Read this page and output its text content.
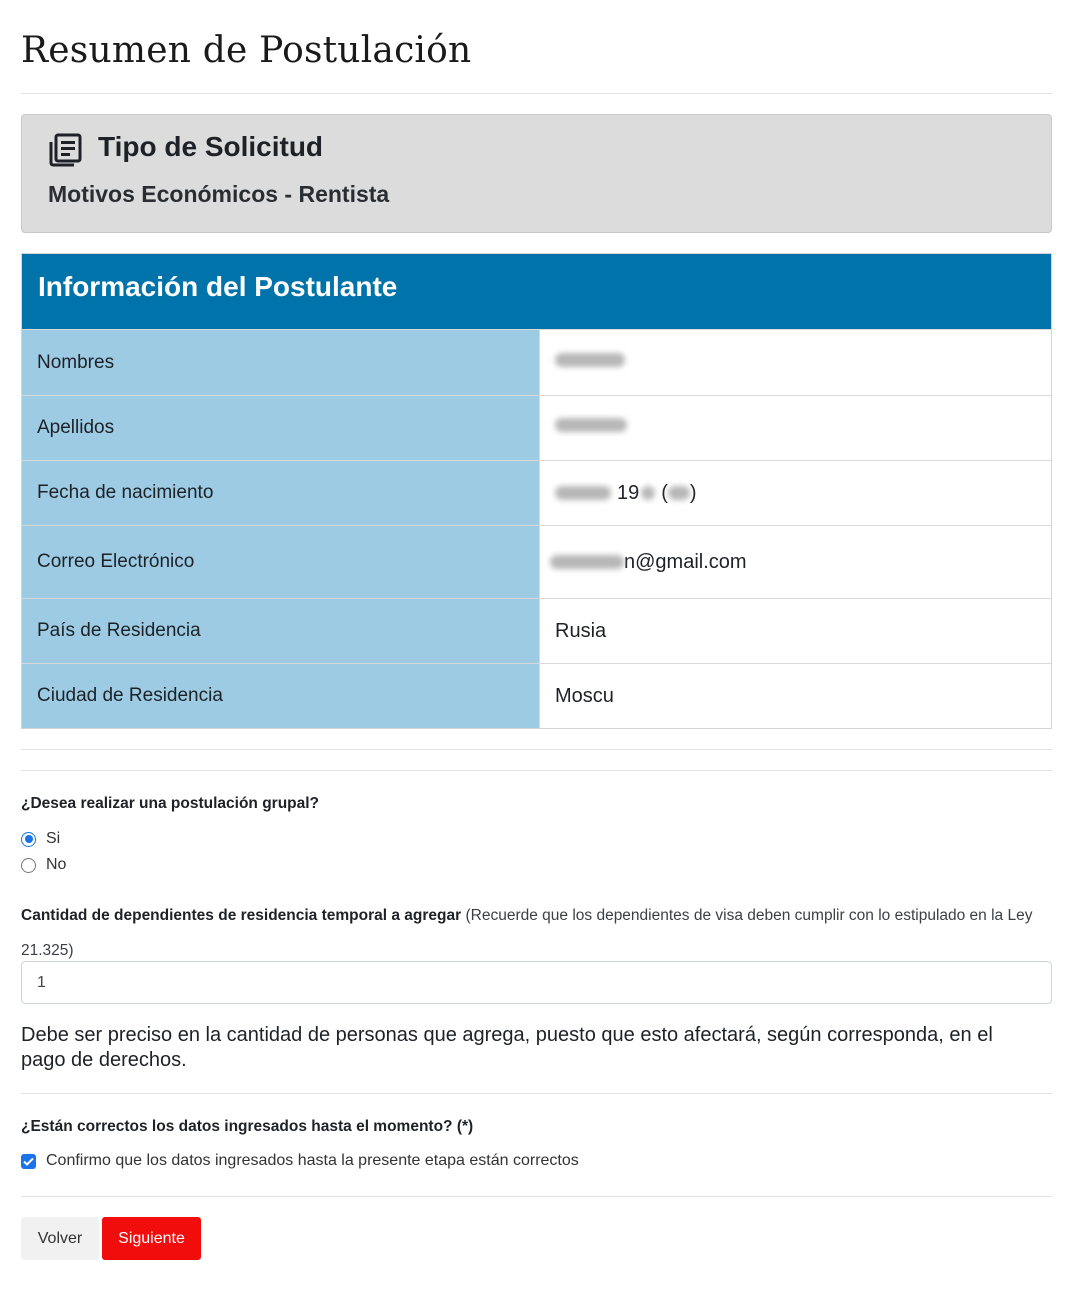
Resumen de Postulación
Tipo de Solicitud
Motivos Económicos - Rentista
Información del Postulante
Nombres
Apellidos
Fecha de nacimiento	19 ( )
Correo Electrónico	n@gmail.com
País de Residencia	Rusia
Ciudad de Residencia	Moscu
¿Desea realizar una postulación grupal?
Si
No
Cantidad de dependientes de residencia temporal a agregar (Recuerde que los dependientes de visa deben cumplir con lo estipulado en la Ley 21.325)
1
Debe ser preciso en la cantidad de personas que agrega, puesto que esto afectará, según corresponda, en el pago de derechos.
¿Están correctos los datos ingresados hasta el momento? (*)
Confirmo que los datos ingresados hasta la presente etapa están correctos
Volver	Siguiente
